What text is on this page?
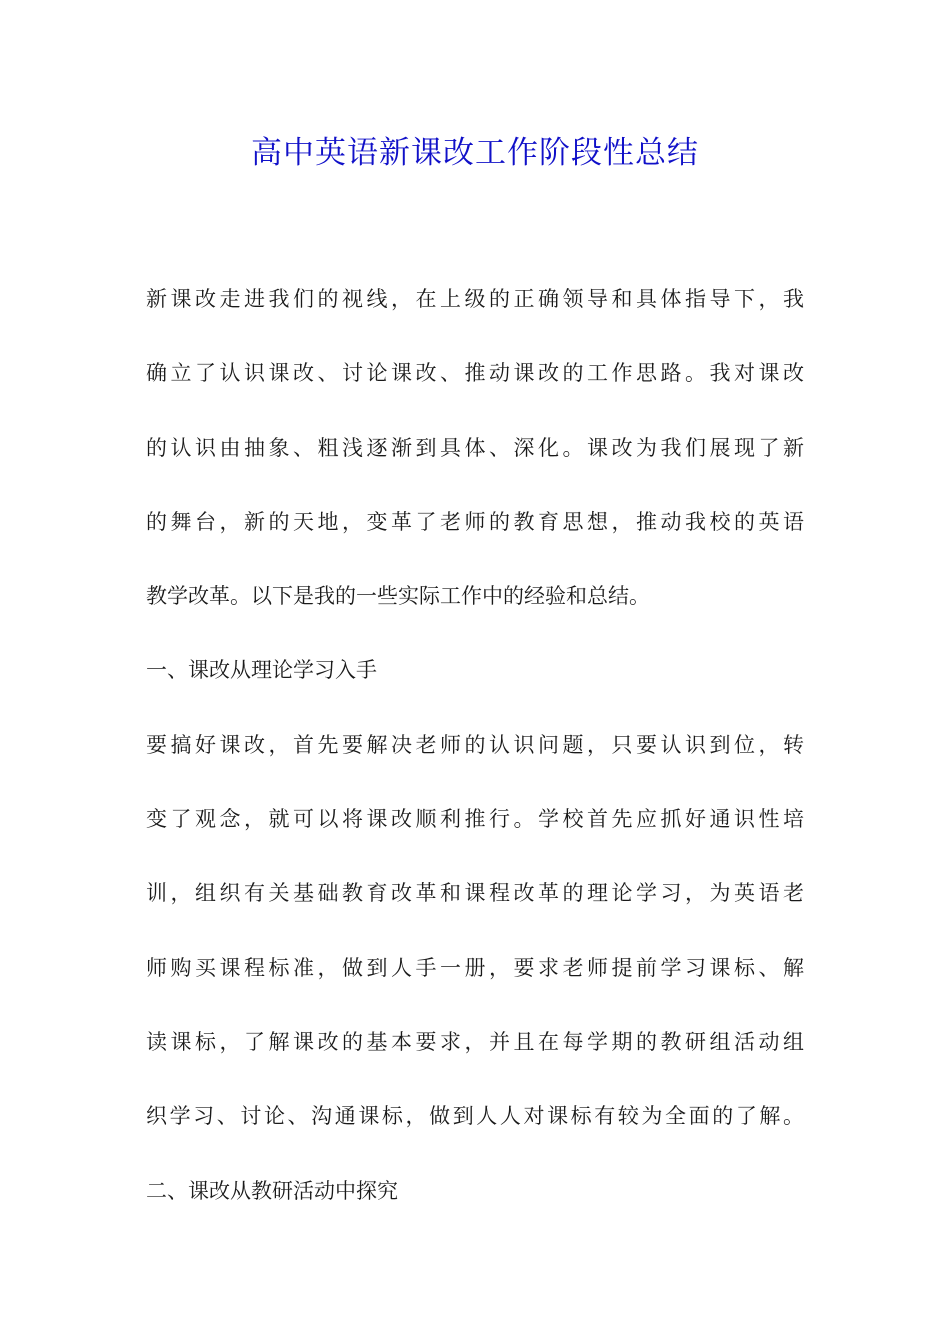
高中英语新课改工作阶段性总结
新课改走进我们的视线，在上级的正确领导和具体指导下，我
确立了认识课改、讨论课改、推动课改的工作思路。我对课改
的认识由抽象、粗浅逐渐到具体、深化。课改为我们展现了新
的舞台，新的天地，变革了老师的教育思想，推动我校的英语
教学改革。以下是我的一些实际工作中的经验和总结。
一、课改从理论学习入手
要搞好课改，首先要解决老师的认识问题，只要认识到位，转
变了观念，就可以将课改顺利推行。学校首先应抓好通识性培
训，组织有关基础教育改革和课程改革的理论学习，为英语老
师购买课程标准，做到人手一册，要求老师提前学习课标、解
读课标，了解课改的基本要求，并且在每学期的教研组活动组
织学习、讨论、沟通课标，做到人人对课标有较为全面的了解。
二、课改从教研活动中探究
